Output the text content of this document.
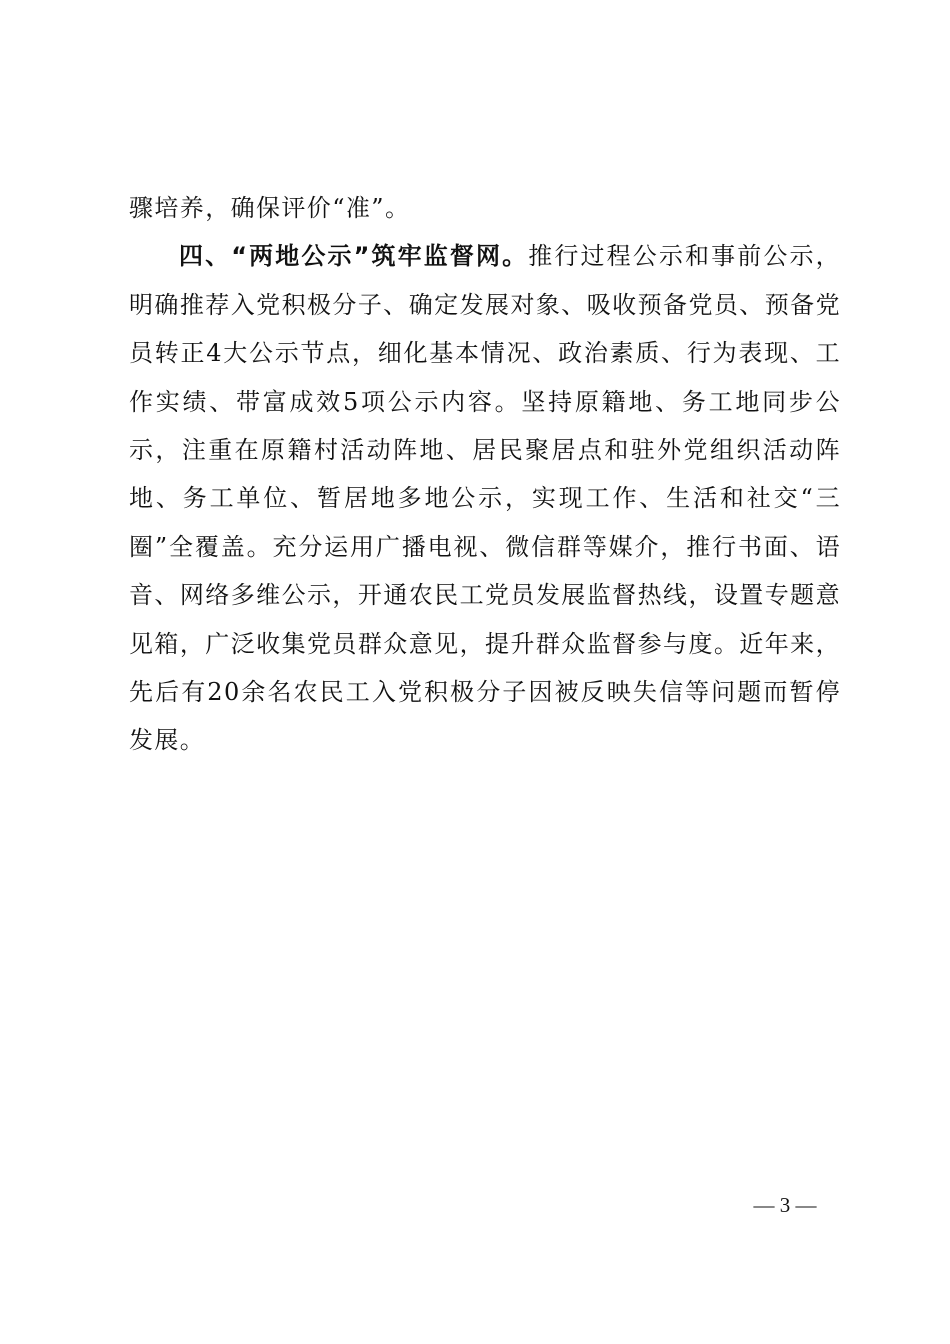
骤培养，确保评价“准”。

四、“两地公示”筑牢监督网。推行过程公示和事前公示，明确推荐入党积极分子、确定发展对象、吸收预备党员、预备党员转正4大公示节点，细化基本情况、政治素质、行为表现、工作实绩、带富成效5项公示内容。坚持原籍地、务工地同步公示，注重在原籍村活动阵地、居民聚居点和驻外党组织活动阵地、务工单位、暂居地多地公示，实现工作、生活和社交“三圈”全覆盖。充分运用广播电视、微信群等媒介，推行书面、语音、网络多维公示，开通农民工党员发展监督热线，设置专题意见箱，广泛收集党员群众意见，提升群众监督参与度。近年来，先后有20余名农民工入党积极分子因被反映失信等问题而暂停发展。

— 3 —
